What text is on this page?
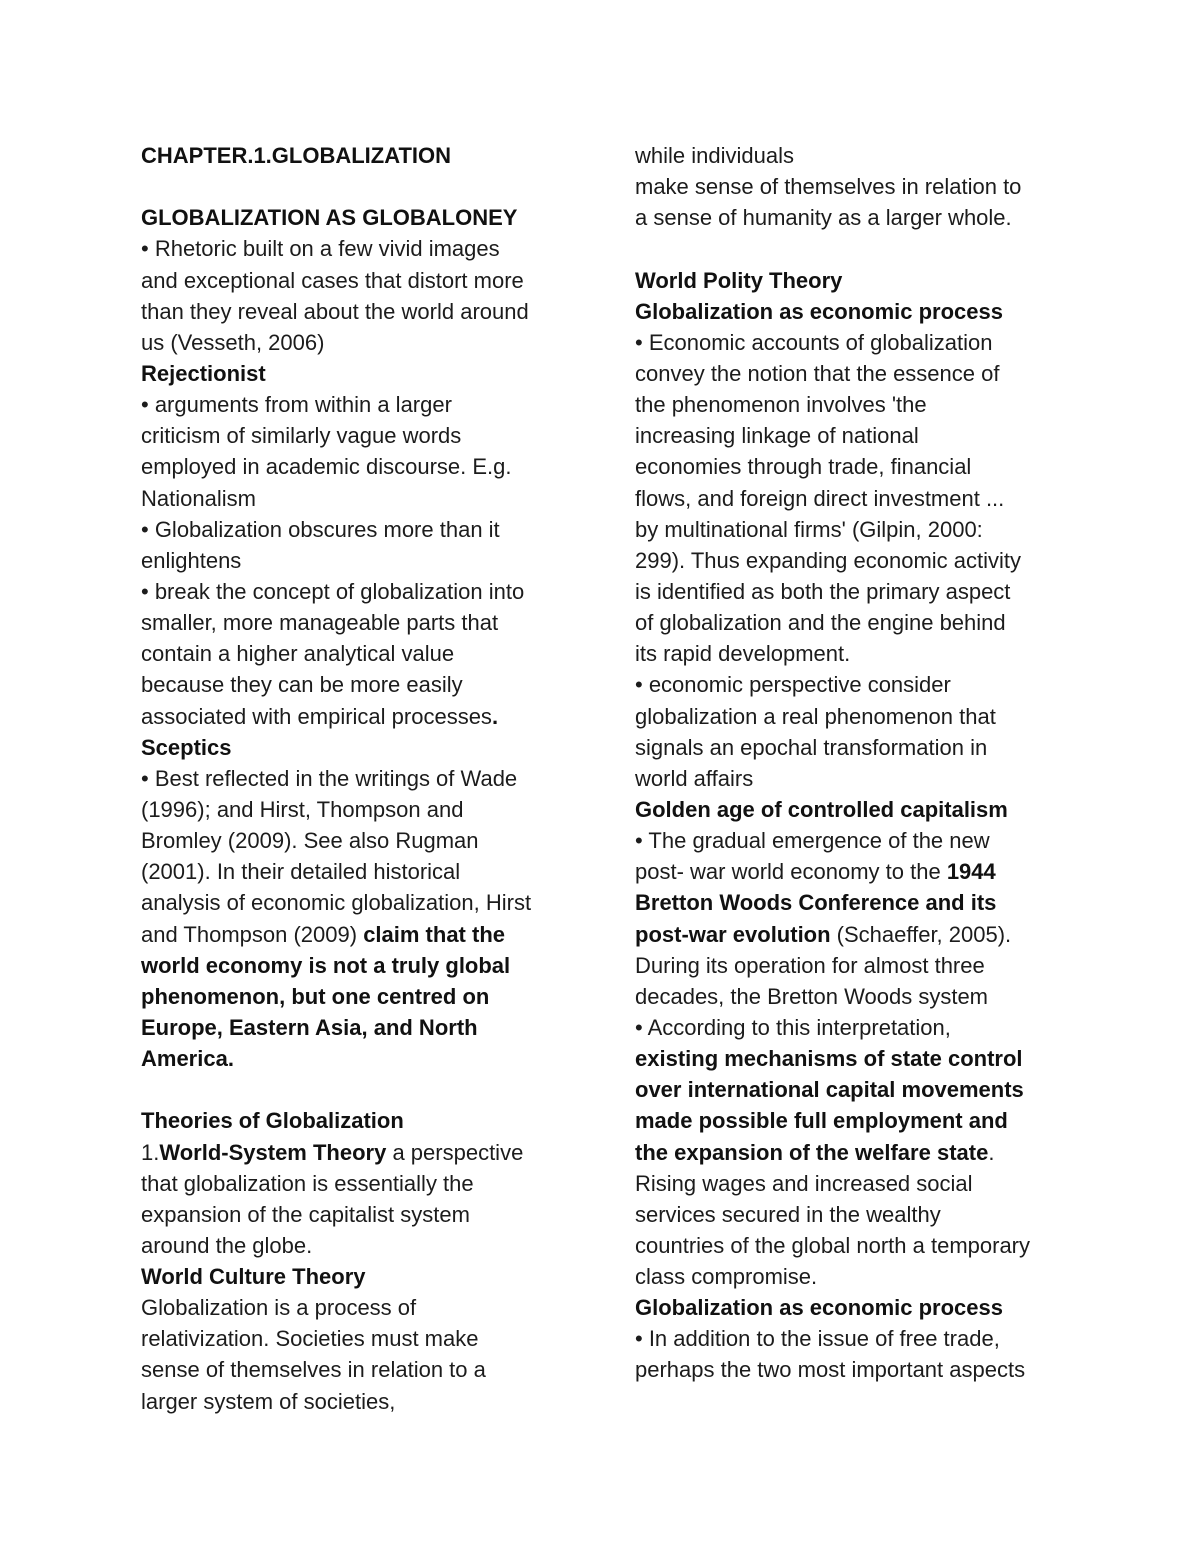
CHAPTER.1.GLOBALIZATION
GLOBALIZATION AS GLOBALONEY
• Rhetoric built on a few vivid images
and exceptional cases that distort more
than they reveal about the world around
us (Vesseth, 2006)
Rejectionist
• arguments from within a larger
criticism of similarly vague words
employed in academic discourse. E.g.
Nationalism
• Globalization obscures more than it
enlightens
• break the concept of globalization into
smaller, more manageable parts that
contain a higher analytical value
because they can be more easily
associated with empirical processes.
Sceptics
• Best reflected in the writings of Wade
(1996); and Hirst, Thompson and
Bromley (2009). See also Rugman
(2001). In their detailed historical
analysis of economic globalization, Hirst
and Thompson (2009) claim that the
world economy is not a truly global
phenomenon, but one centred on
Europe, Eastern Asia, and North
America.
Theories of Globalization
1.World-System Theory a perspective
that globalization is essentially the
expansion of the capitalist system
around the globe.
World Culture Theory
Globalization is a process of
relativization. Societies must make
sense of themselves in relation to a
larger system of societies,
while individuals
make sense of themselves in relation to
a sense of humanity as a larger whole.
World Polity Theory
Globalization as economic process
• Economic accounts of globalization
convey the notion that the essence of
the phenomenon involves 'the
increasing linkage of national
economies through trade, financial
flows, and foreign direct investment ...
by multinational firms' (Gilpin, 2000:
299). Thus expanding economic activity
is identified as both the primary aspect
of globalization and the engine behind
its rapid development.
• economic perspective consider
globalization a real phenomenon that
signals an epochal transformation in
world affairs
Golden age of controlled capitalism
• The gradual emergence of the new
post- war world economy to the 1944
Bretton Woods Conference and its
post-war evolution (Schaeffer, 2005).
During its operation for almost three
decades, the Bretton Woods system
• According to this interpretation,
existing mechanisms of state control
over international capital movements
made possible full employment and
the expansion of the welfare state.
Rising wages and increased social
services secured in the wealthy
countries of the global north a temporary
class compromise.
Globalization as economic process
• In addition to the issue of free trade,
perhaps the two most important aspects
